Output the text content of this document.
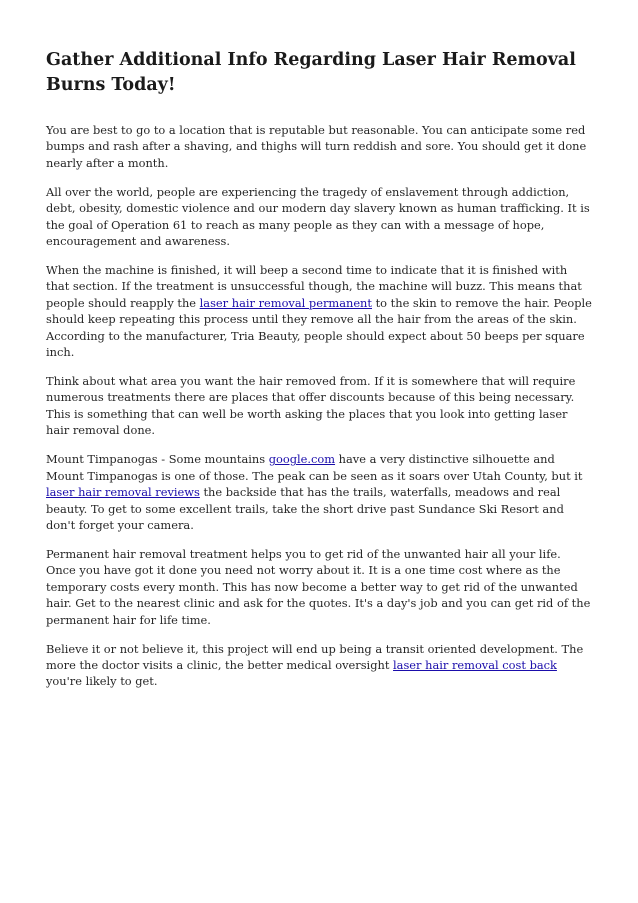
Gather Additional Info Regarding Laser Hair Removal Burns Today!

You are best to go to a location that is reputable but reasonable. You can anticipate some red bumps and rash after a shaving, and thighs will turn reddish and sore. You should get it done nearly after a month.

All over the world, people are experiencing the tragedy of enslavement through addiction, debt, obesity, domestic violence and our modern day slavery known as human trafficking. It is the goal of Operation 61 to reach as many people as they can with a message of hope, encouragement and awareness.

When the machine is finished, it will beep a second time to indicate that it is finished with that section. If the treatment is unsuccessful though, the machine will buzz. This means that people should reapply the laser hair removal permanent to the skin to remove the hair. People should keep repeating this process until they remove all the hair from the areas of the skin. According to the manufacturer, Tria Beauty, people should expect about 50 beeps per square inch.

Think about what area you want the hair removed from. If it is somewhere that will require numerous treatments there are places that offer discounts because of this being necessary. This is something that can well be worth asking the places that you look into getting laser hair removal done.

Mount Timpanogas - Some mountains google.com have a very distinctive silhouette and Mount Timpanogas is one of those. The peak can be seen as it soars over Utah County, but it laser hair removal reviews the backside that has the trails, waterfalls, meadows and real beauty. To get to some excellent trails, take the short drive past Sundance Ski Resort and don't forget your camera.

Permanent hair removal treatment helps you to get rid of the unwanted hair all your life. Once you have got it done you need not worry about it. It is a one time cost where as the temporary costs every month. This has now become a better way to get rid of the unwanted hair. Get to the nearest clinic and ask for the quotes. It's a day's job and you can get rid of the permanent hair for life time.

Believe it or not believe it, this project will end up being a transit oriented development. The more the doctor visits a clinic, the better medical oversight laser hair removal cost back you're likely to get.
